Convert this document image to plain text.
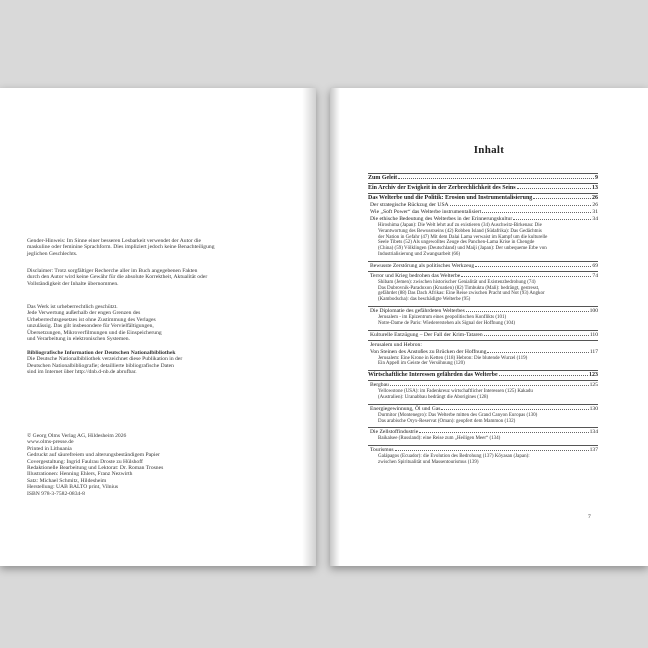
Gender-Hinweis: Im Sinne einer besseren Lesbarkeit verwendet der Autor die
maskuline oder feminine Sprachform. Dies impliziert jedoch keine Benachteiligung
jeglichen Geschlechts.
Disclaimer: Trotz sorgfältiger Recherche aller im Buch angegebenen Fakten
durch den Autor wird keine Gewähr für die absolute Korrektheit, Aktualität oder
Vollständigkeit der Inhalte übernommen.
Das Werk ist urheberrechtlich geschützt.
Jede Verwertung außerhalb der engen Grenzen des
Urheberrechtsgesetzes ist ohne Zustimmung des Verlages
unzulässig. Das gilt insbesondere für Vervielfältigungen,
Übersetzungen, Mikroverfilmungen und die Einspeicherung
und Verarbeitung in elektronischen Systemen.
Bibliografische Information der Deutschen Nationalbibliothek
Die Deutsche Nationalbibliothek verzeichnet diese Publikation in der
Deutschen Nationalbibliografie; detaillierte bibliografische Daten
sind im Internet über http://dnb.d-nb.de abrufbar.
© Georg Olms Verlag AG, Hildesheim 2026
www.olms-presse.de
Printed in Lithuania
Gedruckt auf säurefreiem und alterungsbeständigem Papier
Covergestaltung: Ingrid Faulrau Droste zu Hülshoff
Redaktionelle Bearbeitung und Lektorat: Dr. Roman Trosnes
Illustrationen: Henning Ehlers, Franz Nezwirth
Satz: Michael Schmitz, Hildesheim
Herstellung: UAB BALTO print, Vilnius
ISBN 978-3-7582-0834-8
Inhalt
Zum Geleit	9
Ein Archiv der Ewigkeit in der Zerbrechlichkeit des Seins	13
Das Welterbe und die Politik: Erosion und Instrumentalisierung	26
Der strategische Rückzug der USA	26
Wie „Soft Power“ das Welterbe instrumentalisiert	31
Die ethische Bedeutung des Welterbes in der Erinnerungskultur	34
Hiroshima (Japan): Die Welt lehrt auf zu existieren (34) Auschwitz-Birkenau: Die
Verantwortung des Bewusstseins (42) Robben Island (Südafrika): Das Gedächtnis
der Nation in Gefahr (47) Mit dem Dalai Lama verwaist im Kampf um die kulturelle
Seele Tibets (52) Als ungewolltes Zeuge des Panchen-Lama Krise in Chengde
(China) (59) Völklingen (Deutschland) und Maiji (Japan): Der unbequeme Erbe von
Industrialisierung und Zwangsarbeit (66)
Bewusste Zerstörung als politisches Werkzeug	69
Terror und Krieg bedrohen das Welterbe	74
Shibam (Jemen): zwischen historischer Genialität und Existenzbedrohung (74)
Das Dubrovnik-Paradoxon (Kroatien) (82) Timbuktu (Mali): bedrängt, gestresst,
gefährdet (88) Das Dach Afrikas: Eine Reise zwischen Pracht und Not (93) Angkor
(Kambodscha): das beschädigte Welterbe (95)
Die Diplomatie des gefährdeten Welterbes	100
Jerusalem - im Epizentrum eines geopolitischen Konflikts (101)
Notre-Dame de Paris: Wiedererstehen als Signal der Hoffnung (104)
Kulturelle Entzügung – Der Fall der Krim-Tataren	110
Jerusalem und Hebron:
Von Steinen des Anstoßes zu Brücken der Hoffnung	117
Jerusalem: Eine Krone in Ketten (118) Hebron: Die blutende Wurzel (119)
Ein Appell im Geiste der Versöhnung (120)
Wirtschaftliche Interessen gefährden das Welterbe	123
Bergbau	125
Yellowstone (USA): im Fadenkreuz wirtschaftlicher Interessen (125) Kakadu
(Australien): Uranabbau bedrängt die Aborigines (128)
Energiegewinnung, Öl und Gas	130
Durmitor (Montenegro): Das Welterbe mitten des Grand Canyon Europas (130)
Das arabische Oryx-Reservat (Oman): geopfert dem Mammon (132)
Die Zellstoffindustrie	134
Baikalsee (Russland): eine Reise zum „Heiligen Meer“ (134)
Tourismus	137
Galápagos (Ecuador): die Evolution des Bedrohung (137) Kōyasan (Japan):
zwischen Spiritualität und Massentourismus (139)
7
